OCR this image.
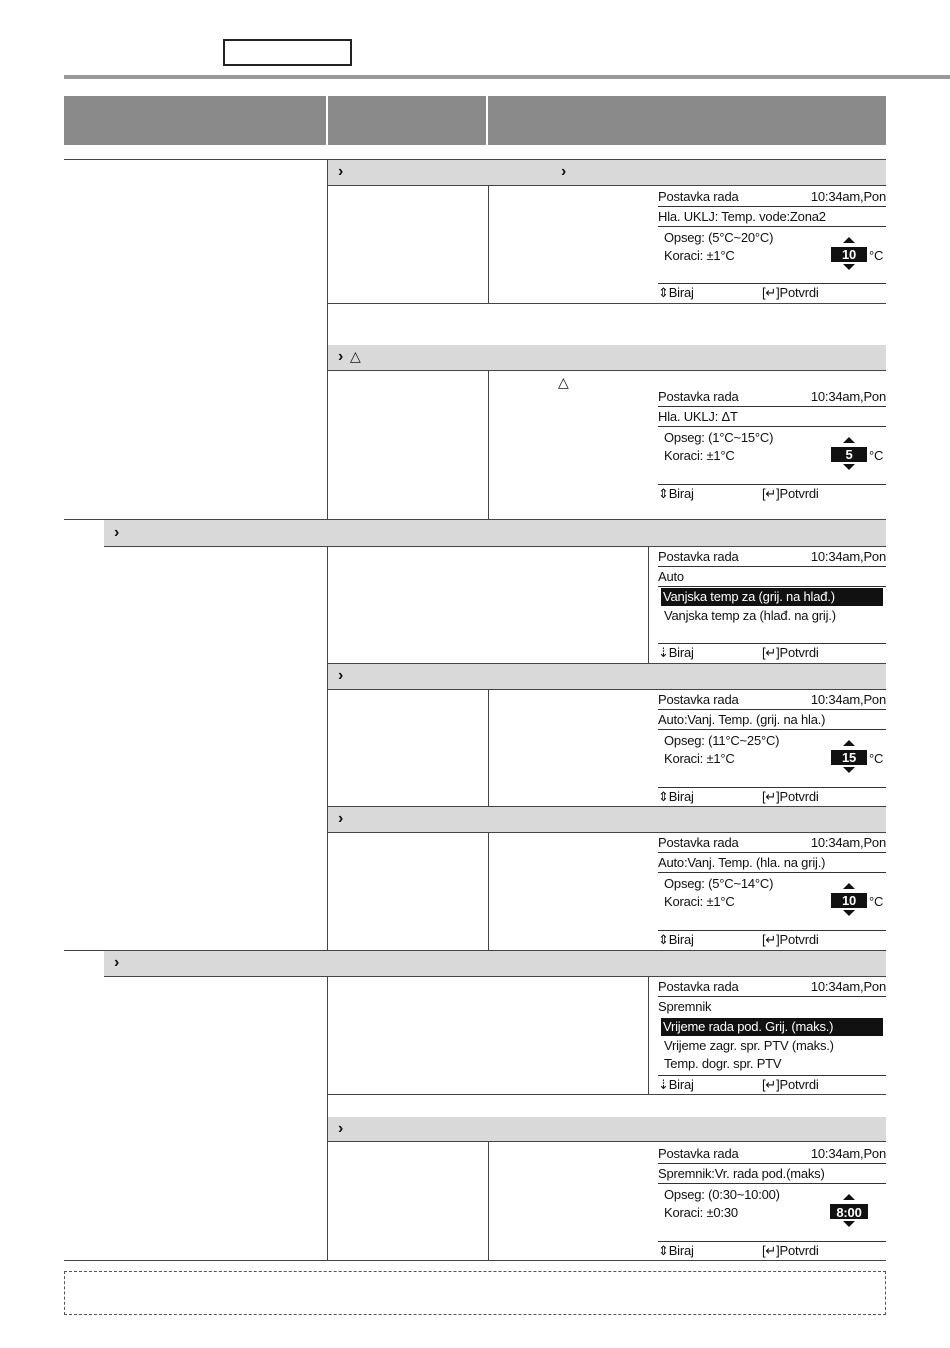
›	›
Postavka rada	10:34am,Pon
Hla. UKLJ: Temp. vode:Zona2
Opseg: (5°C~20°C)
Koraci: ±1°C	10 °C
⇕Biraj	[↵]Potvrdi
› △
△
Postavka rada	10:34am,Pon
Hla. UKLJ: ΔT
Opseg: (1°C~15°C)
Koraci: ±1°C	5	°C
⇕Biraj	[↵]Potvrdi
›
Postavka rada	10:34am,Pon
Auto
Vanjska temp za (grij. na hlađ.)
Vanjska temp za (hlađ. na grij.)
⇣Biraj	[↵]Potvrdi
›
Postavka rada	10:34am,Pon
Auto:Vanj. Temp. (grij. na hla.)
Opseg: (11°C~25°C)
Koraci: ±1°C	15 °C
⇕Biraj	[↵]Potvrdi
›
Postavka rada	10:34am,Pon
Auto:Vanj. Temp. (hla. na grij.)
Opseg: (5°C~14°C)
Koraci: ±1°C	10 °C
⇕Biraj	[↵]Potvrdi
›
Postavka rada	10:34am,Pon
Spremnik
Vrijeme rada pod. Grij. (maks.)
Vrijeme zagr. spr. PTV (maks.)
Temp. dogr. spr. PTV
⇣Biraj	[↵]Potvrdi
›
Postavka rada	10:34am,Pon
Spremnik:Vr. rada pod.(maks)
Opseg: (0:30~10:00)
Koraci: ±0:30	8:00
⇕Biraj	[↵]Potvrdi
